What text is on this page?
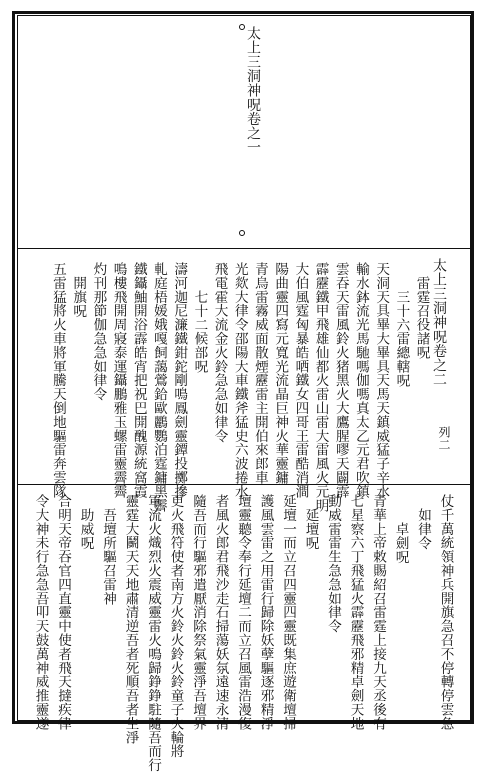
太上三洞神呪卷之一
雷霆召役諸呪
三十六雷總轄呪
天洞天具畢大畢具天馬天鎮威猛子辛水
輸水鉢流光馬馳嗎伽嗎真太乙元君吹鎮
雲吞天雷風鈴火猪黑火大鷹腥嘐天闢霹
霹靂鐵甲飛雄仙都火雷山雷大雷風火元明
大伯風霆匈暴皓哂鐵女四哥王雷酷消澗
陽曲靈四寫元寬光流晶巨神火華靈鏞
青烏雷霧威面散煙靂雷主開伯來郎車
光欻大律令邵陽大車鐵斧猛史六波捲水
飛電霍大流金火鈴急急如律令
七十二候部呪
濤河迦尼濂鐵鉗鉈剛鳴鳳劍靈鐔投擲摻
軋庭梧媛娥嘎飼藹鶯鉿歐鸝鸚泊霆鏞黑霽
鐵鑷鮋開浴霹皓宵把祝巴開醜源統窩霞
鳴樓飛開周寢泰運鑷鵬雅玉螺雷靈霽霽
灼刊那節伽急急如律令
開旗呪
五雷猛將火車將軍騰天倒地驅雷奔雲隊
仗千萬統領神兵開旗急召不停轉停雲急
如律令
卓劍呪
青華上帝敕賜紹召雷霆上接九天丞後有
七星察六丁飛猛火霹靂飛邪精卓劍天地
動威雷雷生急急如律令
延壇呪
延壇一而立召四靈四靈既集庶遊衛壇掃
護風雲雷之用雷行歸除妖孽驅逐邪精淨
壇靈聽令奉行延壇二而立召風雷浩漫復
者風火郎君飛沙走石掃蕩妖氛遠速永清
隨吾而行驅邪遣厭消除祭氣靈淨吾壇界
更火飛符使者南方火鈴火鈴火鈴童子火輪將
軍流火熾烈火震威靈雷火鳴歸錚錚駐隨吾而行
靈霆大鬭天天地肅清逆吾者死順吾者生淨
吾壇所驅召雷神
助威呪
合明天帝吞官四直靈中使者飛天撻疾律
令大神未行急急吾叩天鼓萬神威推靈遂
太上三洞神呪卷之二
列二
